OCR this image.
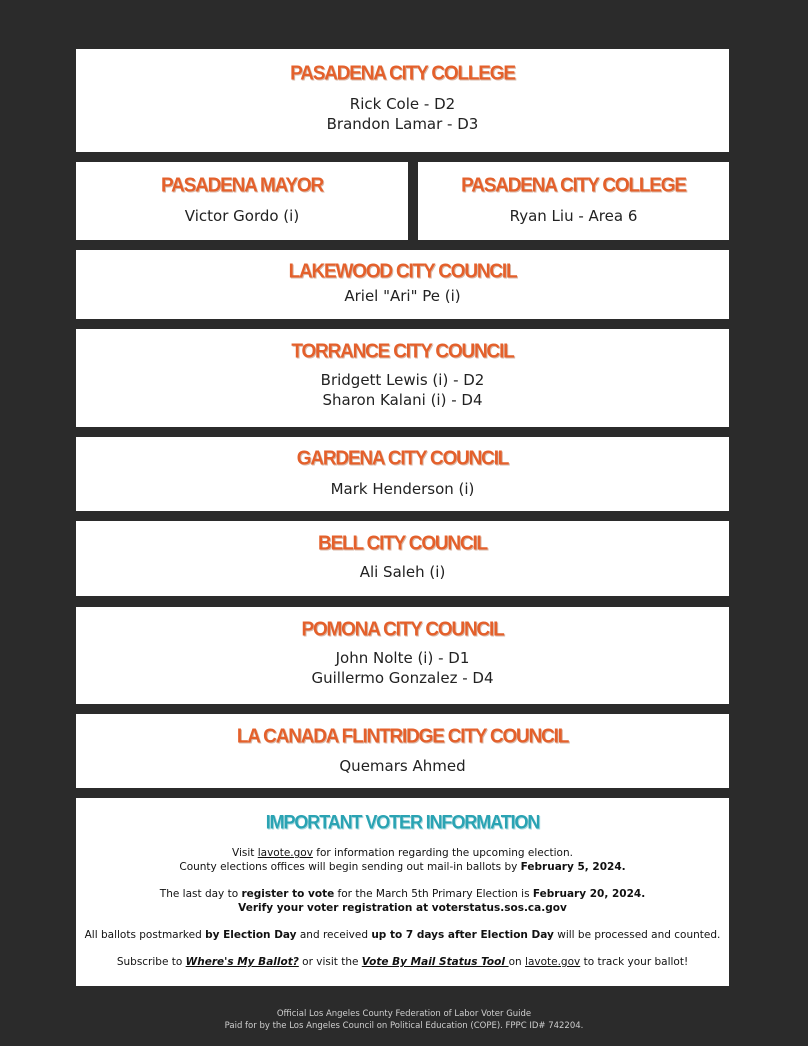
PASADENA CITY COLLEGE
Rick Cole - D2
Brandon Lamar - D3
PASADENA MAYOR
Victor Gordo (i)
PASADENA CITY COLLEGE
Ryan Liu - Area 6
LAKEWOOD CITY COUNCIL
Ariel "Ari" Pe (i)
TORRANCE CITY COUNCIL
Bridgett Lewis (i) - D2
Sharon Kalani (i) - D4
GARDENA CITY COUNCIL
Mark Henderson (i)
BELL CITY COUNCIL
Ali Saleh (i)
POMONA CITY COUNCIL
John Nolte (i) - D1
Guillermo Gonzalez - D4
LA CANADA FLINTRIDGE CITY COUNCIL
Quemars Ahmed
IMPORTANT VOTER INFORMATION
Visit lavote.gov for information regarding the upcoming election.
County elections offices will begin sending out mail-in ballots by February 5, 2024.
The last day to register to vote for the March 5th Primary Election is February 20, 2024.
Verify your voter registration at voterstatus.sos.ca.gov
All ballots postmarked by Election Day and received up to 7 days after Election Day will be processed and counted.
Subscribe to Where's My Ballot? or visit the Vote By Mail Status Tool on lavote.gov to track your ballot!
Official Los Angeles County Federation of Labor Voter Guide
Paid for by the Los Angeles Council on Political Education (COPE). FPPC ID# 742204.
